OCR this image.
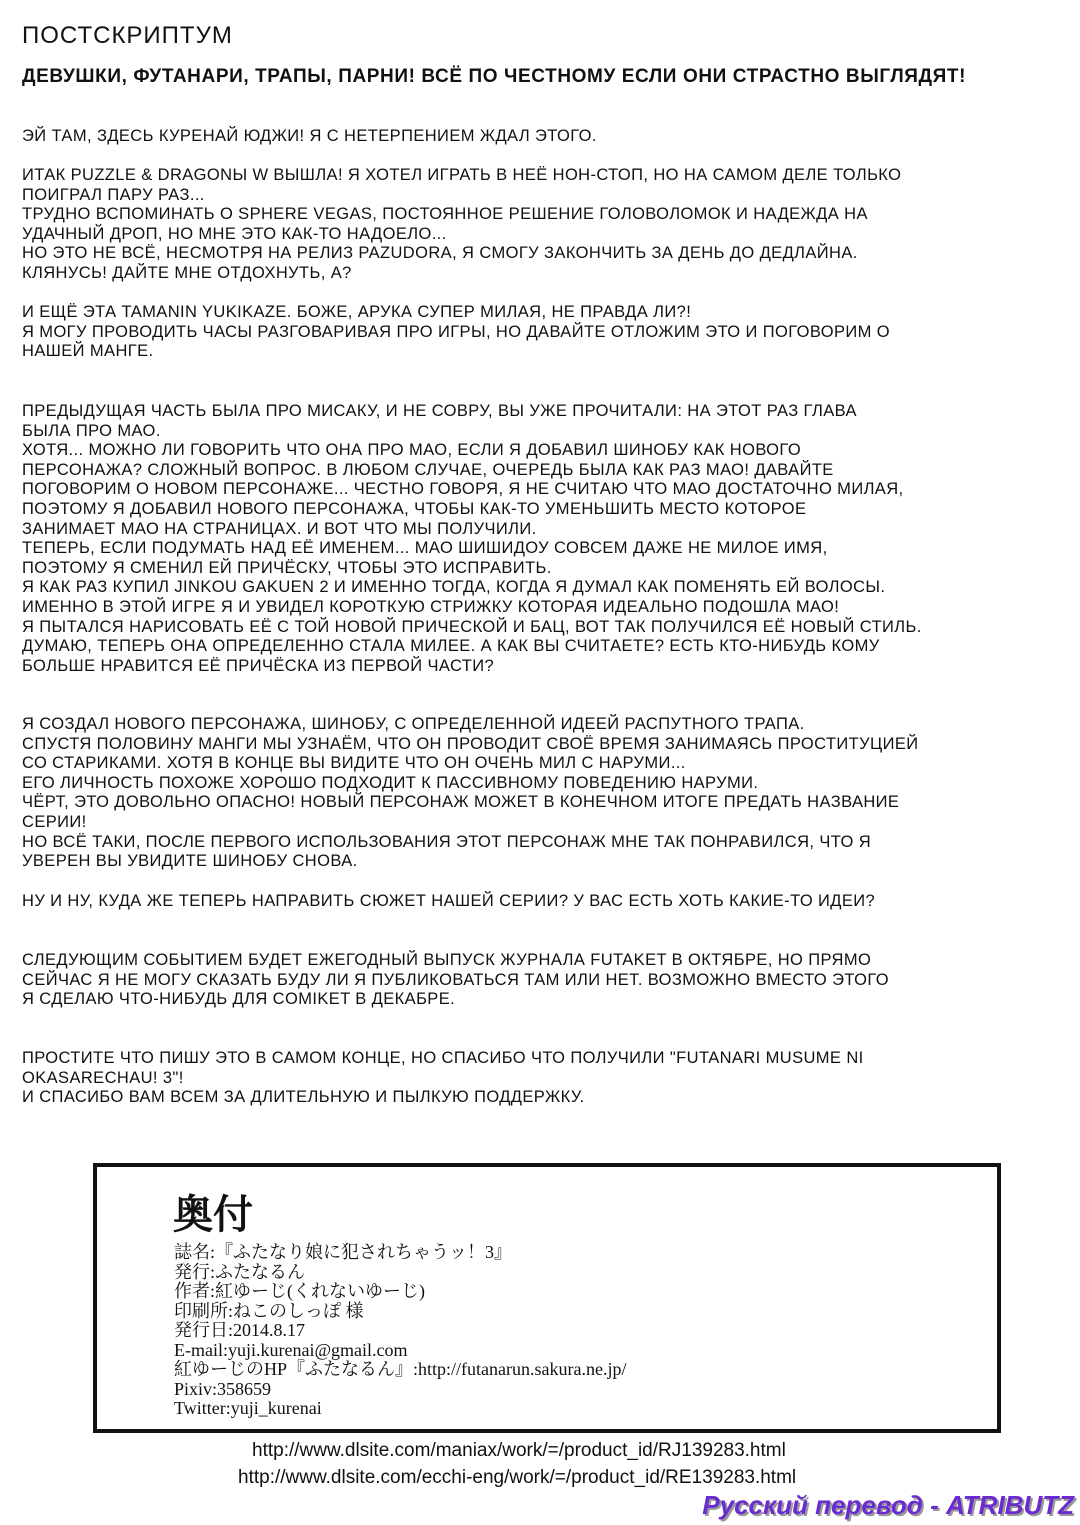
ПОСТСКРИПТУМ
ДЕВУШКИ, ФУТАНАРИ, ТРАПЫ, ПАРНИ! ВСЁ ПО ЧЕСТНОМУ ЕСЛИ ОНИ СТРАСТНО ВЫГЛЯДЯТ!
ЭЙ ТАМ, ЗДЕСЬ КУРЕНАЙ ЮДЖИ! Я С НЕТЕРПЕНИЕМ ЖДАЛ ЭТОГО.
ИТАК PUZZLE & DRAGONЫ W ВЫШЛА! Я ХОТЕЛ ИГРАТЬ В НЕЁ НОН-СТОП, НО НА САМОМ ДЕЛЕ ТОЛЬКО
ПОИГРАЛ ПАРУ РАЗ...
ТРУДНО ВСПОМИНАТЬ О SPHERE VEGAS, ПОСТОЯННОЕ РЕШЕНИЕ ГОЛОВОЛОМОК И НАДЕЖДА НА
УДАЧНЫЙ ДРОП, НО МНЕ ЭТО КАК-ТО НАДОЕЛО...
НО ЭТО НЕ ВСЁ, НЕСМОТРЯ НА РЕЛИЗ PAZUDORA, Я СМОГУ ЗАКОНЧИТЬ ЗА ДЕНЬ ДО ДЕДЛАЙНА.
КЛЯНУСЬ! ДАЙТЕ МНЕ ОТДОХНУТЬ, А?
И ЕЩЁ ЭТА TAMANIN YUKIKAZE. БОЖЕ, АРУКА СУПЕР МИЛАЯ, НЕ ПРАВДА ЛИ?!
Я МОГУ ПРОВОДИТЬ ЧАСЫ РАЗГОВАРИВАЯ ПРО ИГРЫ, НО ДАВАЙТЕ ОТЛОЖИМ ЭТО И ПОГОВОРИМ О
НАШЕЙ МАНГЕ.
ПРЕДЫДУЩАЯ ЧАСТЬ БЫЛА ПРО МИСАКУ, И НЕ СОВРУ, ВЫ УЖЕ ПРОЧИТАЛИ: НА ЭТОТ РАЗ ГЛАВА
БЫЛА ПРО МАО.
ХОТЯ... МОЖНО ЛИ ГОВОРИТЬ ЧТО ОНА ПРО МАО, ЕСЛИ Я ДОБАВИЛ ШИНОБУ КАК НОВОГО
ПЕРСОНАЖА? СЛОЖНЫЙ ВОПРОС. В ЛЮБОМ СЛУЧАЕ, ОЧЕРЕДЬ БЫЛА КАК РАЗ МАО! ДАВАЙТЕ
ПОГОВОРИМ О НОВОМ ПЕРСОНАЖЕ... ЧЕСТНО ГОВОРЯ, Я НЕ СЧИТАЮ ЧТО МАО ДОСТАТОЧНО МИЛАЯ,
ПОЭТОМУ Я ДОБАВИЛ НОВОГО ПЕРСОНАЖА, ЧТОБЫ КАК-ТО УМЕНЬШИТЬ МЕСТО КОТОРОЕ
ЗАНИМАЕТ МАО НА СТРАНИЦАХ. И ВОТ ЧТО МЫ ПОЛУЧИЛИ.
ТЕПЕРЬ, ЕСЛИ ПОДУМАТЬ НАД ЕЁ ИМЕНЕМ... МАО ШИШИДОУ СОВСЕМ ДАЖЕ НЕ МИЛОЕ ИМЯ,
ПОЭТОМУ Я СМЕНИЛ ЕЙ ПРИЧЁСКУ, ЧТОБЫ ЭТО ИСПРАВИТЬ.
Я КАК РАЗ КУПИЛ JINKOU GAKUEN 2 И ИМЕННО ТОГДА, КОГДА Я ДУМАЛ КАК ПОМЕНЯТЬ ЕЙ ВОЛОСЫ.
ИМЕННО В ЭТОЙ ИГРЕ Я И УВИДЕЛ КОРОТКУЮ СТРИЖКУ КОТОРАЯ ИДЕАЛЬНО ПОДОШЛА МАО!
Я ПЫТАЛСЯ НАРИСОВАТЬ ЕЁ С ТОЙ НОВОЙ ПРИЧЕСКОЙ И БАЦ, ВОТ ТАК ПОЛУЧИЛСЯ ЕЁ НОВЫЙ СТИЛЬ.
ДУМАЮ, ТЕПЕРЬ ОНА ОПРЕДЕЛЕННО СТАЛА МИЛЕЕ. А КАК ВЫ СЧИТАЕТЕ? ЕСТЬ КТО-НИБУДЬ КОМУ
БОЛЬШЕ НРАВИТСЯ ЕЁ ПРИЧЁСКА ИЗ ПЕРВОЙ ЧАСТИ?
Я СОЗДАЛ НОВОГО ПЕРСОНАЖА, ШИНОБУ, С ОПРЕДЕЛЕННОЙ ИДЕЕЙ РАСПУТНОГО ТРАПА.
СПУСТЯ ПОЛОВИНУ МАНГИ МЫ УЗНАЁМ, ЧТО ОН ПРОВОДИТ СВОЁ ВРЕМЯ ЗАНИМАЯСЬ ПРОСТИТУЦИЕЙ
СО СТАРИКАМИ. ХОТЯ В КОНЦЕ ВЫ ВИДИТЕ ЧТО ОН ОЧЕНЬ МИЛ С НАРУМИ...
ЕГО ЛИЧНОСТЬ ПОХОЖЕ ХОРОШО ПОДХОДИТ К ПАССИВНОМУ ПОВЕДЕНИЮ НАРУМИ.
ЧЁРТ, ЭТО ДОВОЛЬНО ОПАСНО! НОВЫЙ ПЕРСОНАЖ МОЖЕТ В КОНЕЧНОМ ИТОГЕ ПРЕДАТЬ НАЗВАНИЕ
СЕРИИ!
НО ВСЁ ТАКИ, ПОСЛЕ ПЕРВОГО ИСПОЛЬЗОВАНИЯ ЭТОТ ПЕРСОНАЖ МНЕ ТАК ПОНРАВИЛСЯ, ЧТО Я
УВЕРЕН ВЫ УВИДИТЕ ШИНОБУ СНОВА.
НУ И НУ, КУДА ЖЕ ТЕПЕРЬ НАПРАВИТЬ СЮЖЕТ НАШЕЙ СЕРИИ? У ВАС ЕСТЬ ХОТЬ КАКИЕ-ТО ИДЕИ?
СЛЕДУЮЩИМ СОБЫТИЕМ БУДЕТ ЕЖЕГОДНЫЙ ВЫПУСК ЖУРНАЛА FUTAKET В ОКТЯБРЕ, НО ПРЯМО
СЕЙЧАС Я НЕ МОГУ СКАЗАТЬ БУДУ ЛИ Я ПУБЛИКОВАТЬСЯ ТАМ ИЛИ НЕТ. ВОЗМОЖНО ВМЕСТО ЭТОГО
Я СДЕЛАЮ ЧТО-НИБУДЬ ДЛЯ COMIKET В ДЕКАБРЕ.
ПРОСТИТЕ ЧТО ПИШУ ЭТО В САМОМ КОНЦЕ, НО СПАСИБО ЧТО ПОЛУЧИЛИ "FUTANARI MUSUME NI
OKASARECHAU! 3"!
И СПАСИБО ВАМ ВСЕМ ЗА ДЛИТЕЛЬНУЮ И ПЫЛКУЮ ПОДДЕРЖКУ.
奥付
誌名:『ふたなり娘に犯されちゃうッ！3』
発行:ふたなるん
作者:紅ゆーじ(くれないゆーじ)
印刷所:ねこのしっぽ 様
発行日:2014.8.17
E-mail:yuji.kurenai@gmail.com
紅ゆーじのHP『ふたなるん』:http://futanarun.sakura.ne.jp/
Pixiv:358659
Twitter:yuji_kurenai
http://www.dlsite.com/maniax/work/=/product_id/RJ139283.html
http://www.dlsite.com/ecchi-eng/work/=/product_id/RE139283.html
Русский перевод - ATRIBUTZ
